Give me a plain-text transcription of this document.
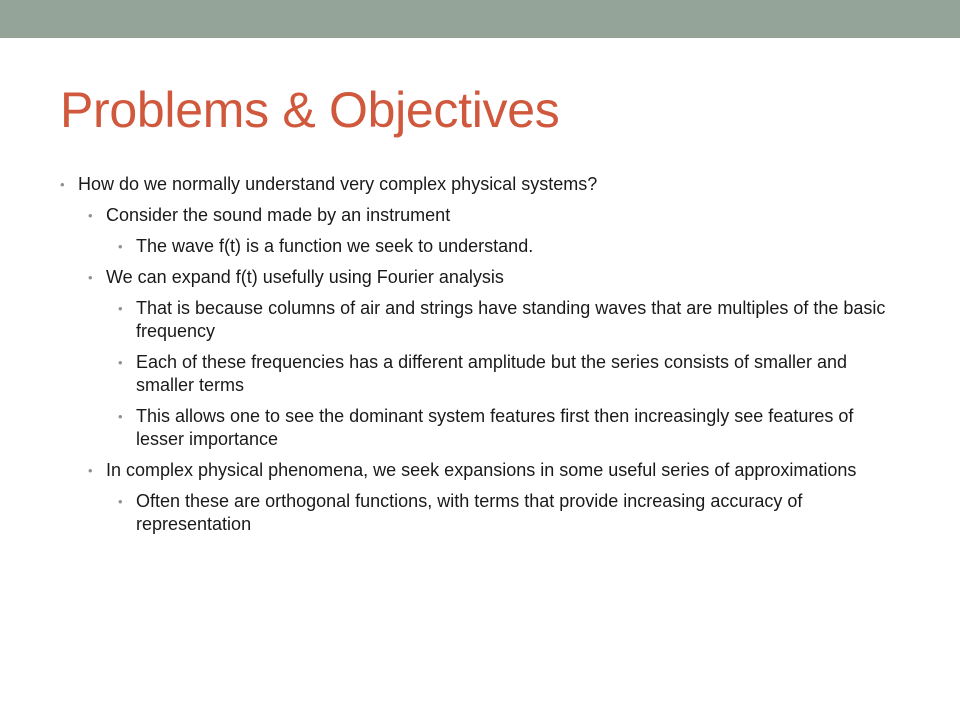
Problems & Objectives
• How do we normally understand very complex physical systems?
• Consider the sound made by an instrument
• The wave f(t) is a function we seek to understand.
• We can expand f(t) usefully using Fourier analysis
• That is because columns of air and strings have standing waves that are multiples of the basic frequency
• Each of these frequencies has a different amplitude but the series consists of smaller and smaller terms
• This allows one to see the dominant system features first then increasingly see features of lesser importance
• In complex physical phenomena, we seek expansions in some useful series of approximations
• Often these are orthogonal functions, with terms that provide increasing accuracy of representation
